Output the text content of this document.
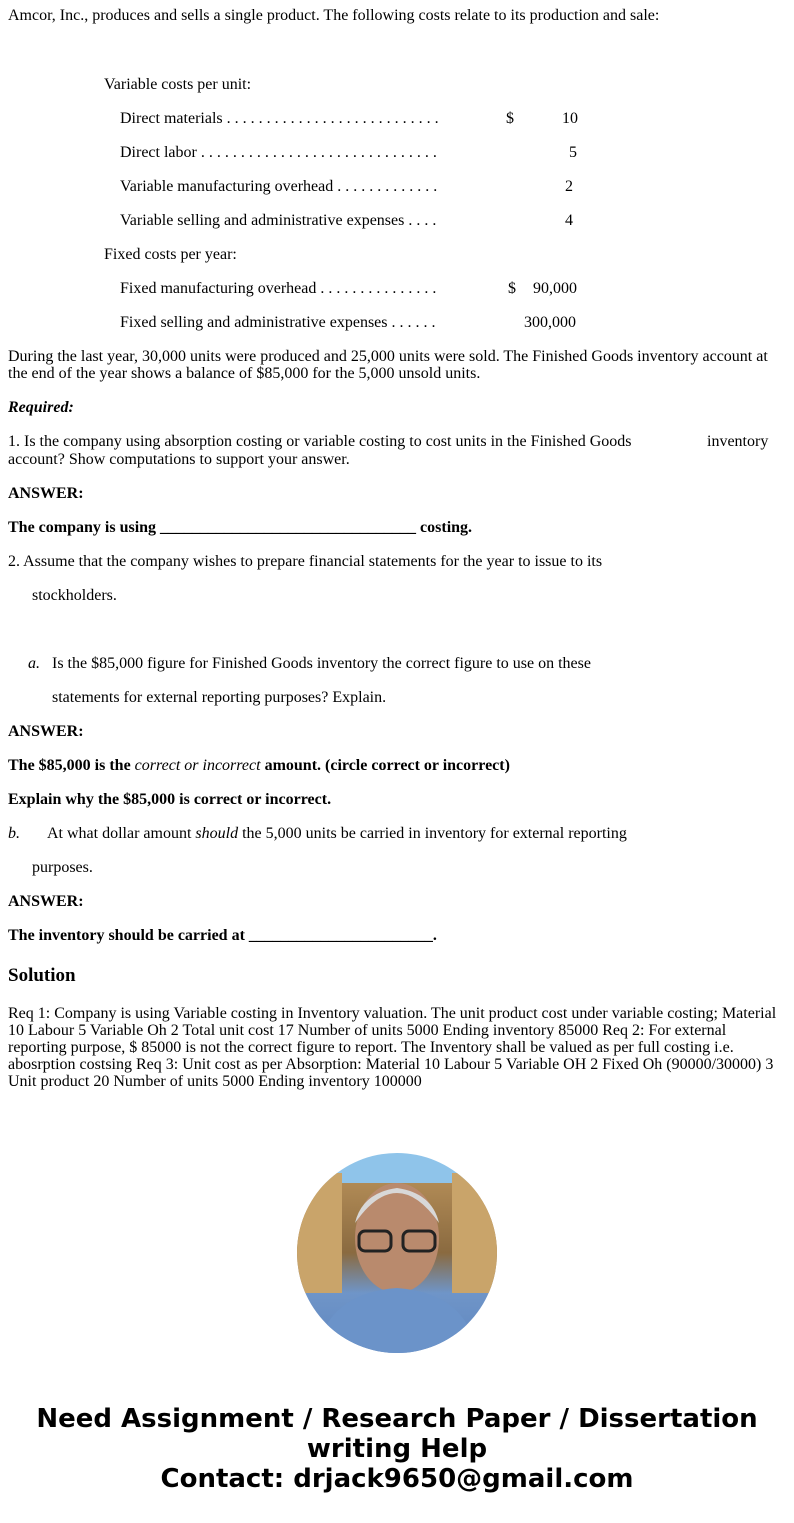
Amcor, Inc., produces and sells a single product. The following costs relate to its production and sale:
Variable costs per unit:
Direct materials . . . . . . . . . . . . . . . . . . . . . . . . . . .	$	10
Direct labor . . . . . . . . . . . . . . . . . . . . . . . . . . . . . .	5
Variable manufacturing overhead . . . . . . . . . . . . .	2
Variable selling and administrative expenses . . . .	4
Fixed costs per year:
Fixed manufacturing overhead . . . . . . . . . . . . . . .	$ 90,000
Fixed selling and administrative expenses . . . . . .	300,000
During the last year, 30,000 units were produced and 25,000 units were sold. The Finished Goods inventory account at the end of the year shows a balance of $85,000 for the 5,000 unsold units.
Required:
1. Is the company using absorption costing or variable costing to cost units in the Finished Goods	inventory
account? Show computations to support your answer.
ANSWER:
The company is using ________________________________ costing.
2. Assume that the company wishes to prepare financial statements for the year to issue to its
stockholders.
a. Is the $85,000 figure for Finished Goods inventory the correct figure to use on these
statements for external reporting purposes? Explain.
ANSWER:
The $85,000 is the correct or incorrect amount. (circle correct or incorrect)
Explain why the $85,000 is correct or incorrect.
b. At what dollar amount should the 5,000 units be carried in inventory for external reporting
purposes.
ANSWER:
The inventory should be carried at _______________________.
Solution
Req 1: Company is using Variable costing in Inventory valuation. The unit product cost under variable costing; Material 10 Labour 5 Variable Oh 2 Total unit cost 17 Number of units 5000 Ending inventory 85000 Req 2: For external reporting purpose, $ 85000 is not the correct figure to report. The Inventory shall be valued as per full costing i.e. abosrption costsing Req 3: Unit cost as per Absorption: Material 10 Labour 5 Variable OH 2 Fixed Oh (90000/30000) 3 Unit product 20 Number of units 5000 Ending inventory 100000
Need Assignment / Research Paper / Dissertation
writing Help
Contact: drjack9650@gmail.com
